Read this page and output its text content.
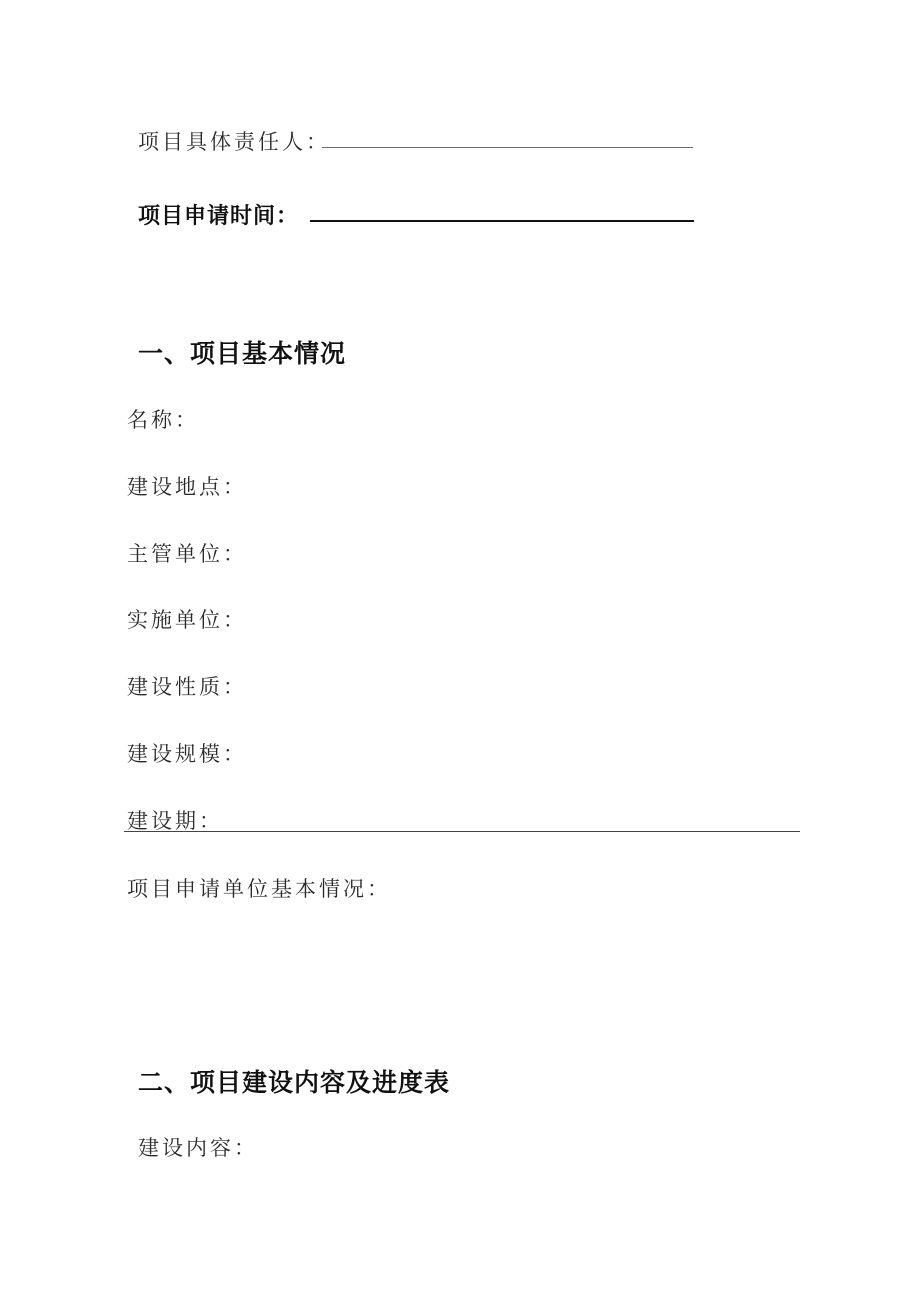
项目具体责任人：
项目申请时间：
一、项目基本情况
名称：
建设地点：
主管单位：
实施单位：
建设性质：
建设规模：
建设期：
项目申请单位基本情况：
二、项目建设内容及进度表
建设内容：
